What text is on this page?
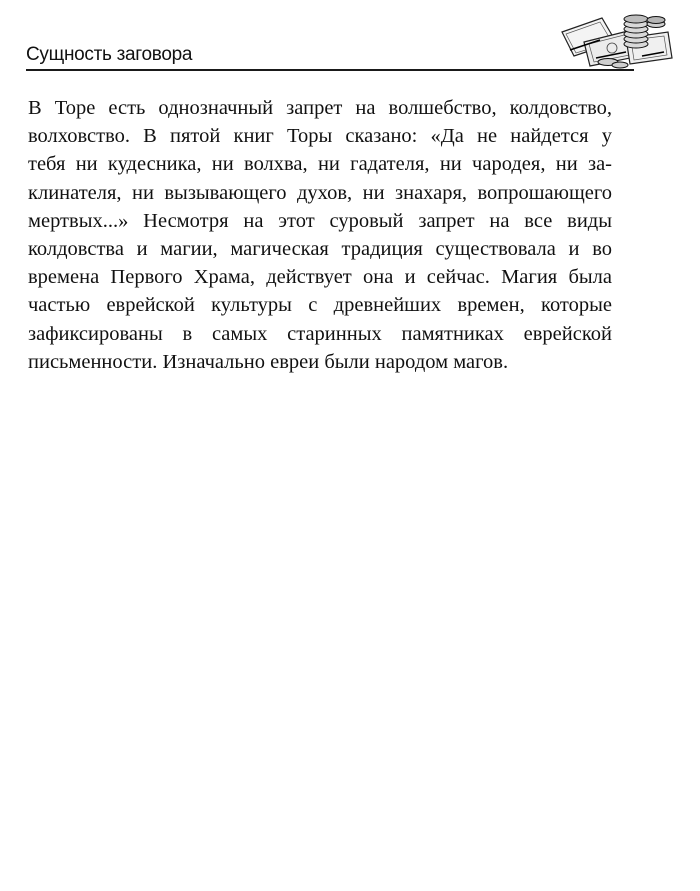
Сущность заговора
В Торе есть однозначный запрет на волшебство, колдовство,
волховство. В пятой книг Торы сказано: «Да не найдется у
тебя ни кудесника, ни волхва, ни гадателя, ни чародея, ни за-
клинателя, ни вызывающего духов, ни знахаря, вопрошающего
мертвых...» Несмотря на этот суровый запрет на все виды
колдовства и магии, магическая традиция существовала и во
времена Первого Храма, действует она и сейчас. Магия была
частью еврейской культуры с древнейших времен, которые
зафиксированы в самых старинных памятниках еврейской
письменности. Изначально евреи были народом магов.
